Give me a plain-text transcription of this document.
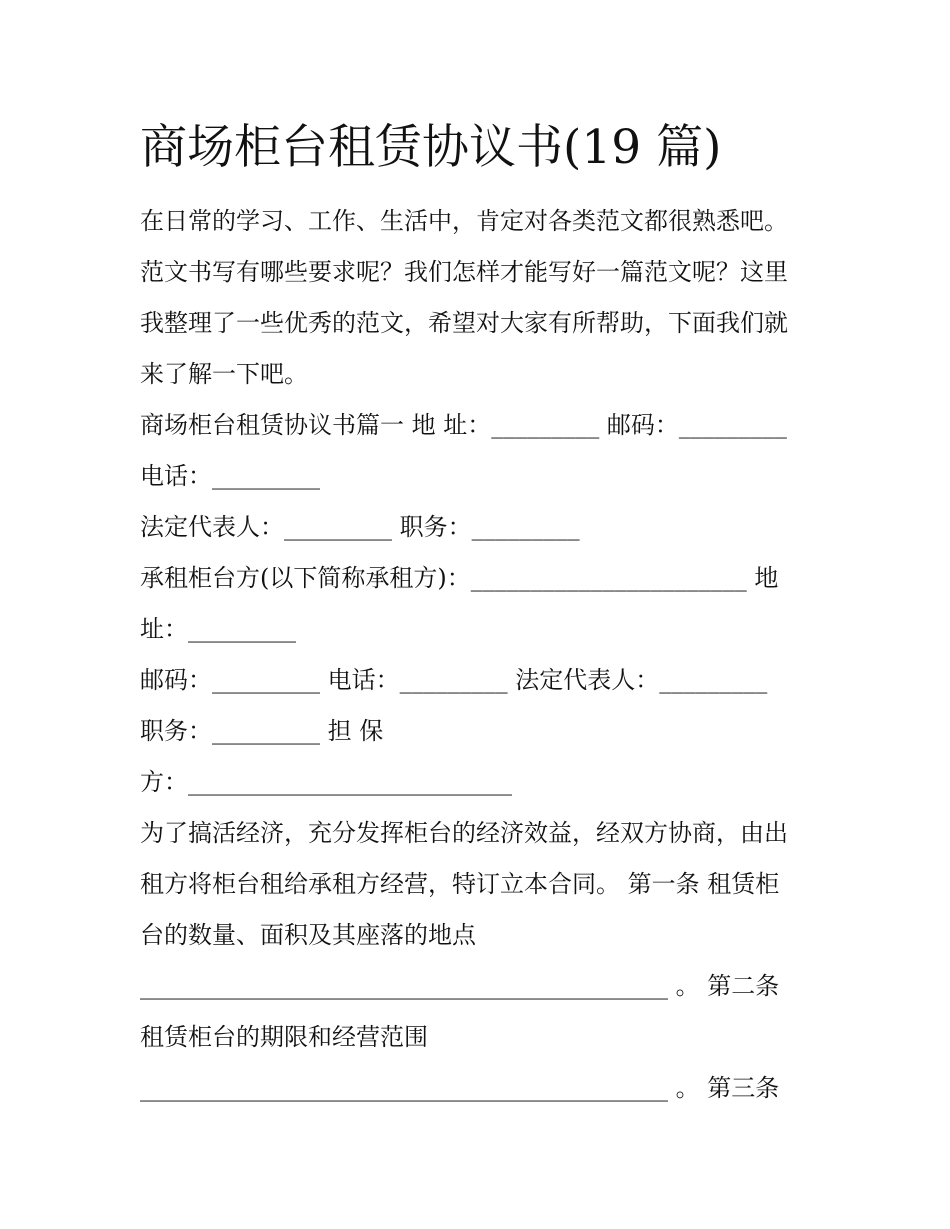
商场柜台租赁协议书(19 篇)

在日常的学习、工作、生活中，肯定对各类范文都很熟悉吧。

范文书写有哪些要求呢？我们怎样才能写好一篇范文呢？这里

我整理了一些优秀的范文，希望对大家有所帮助，下面我们就

来了解一下吧。

商场柜台租赁协议书篇一 地 址：_________ 邮码：_________

电话：_________

法定代表人：_________ 职务：_________

承租柜台方(以下简称承租方)：_______________________ 地

址：_________

邮码：_________ 电话：_________ 法定代表人：_________

职务：_________ 担 保

方：___________________________

为了搞活经济，充分发挥柜台的经济效益，经双方协商，由出

租方将柜台租给承租方经营，特订立本合同。 第一条 租赁柜

台的数量、面积及其座落的地点

____________________________________________ 。 第二条

租赁柜台的期限和经营范围

____________________________________________ 。 第三条
